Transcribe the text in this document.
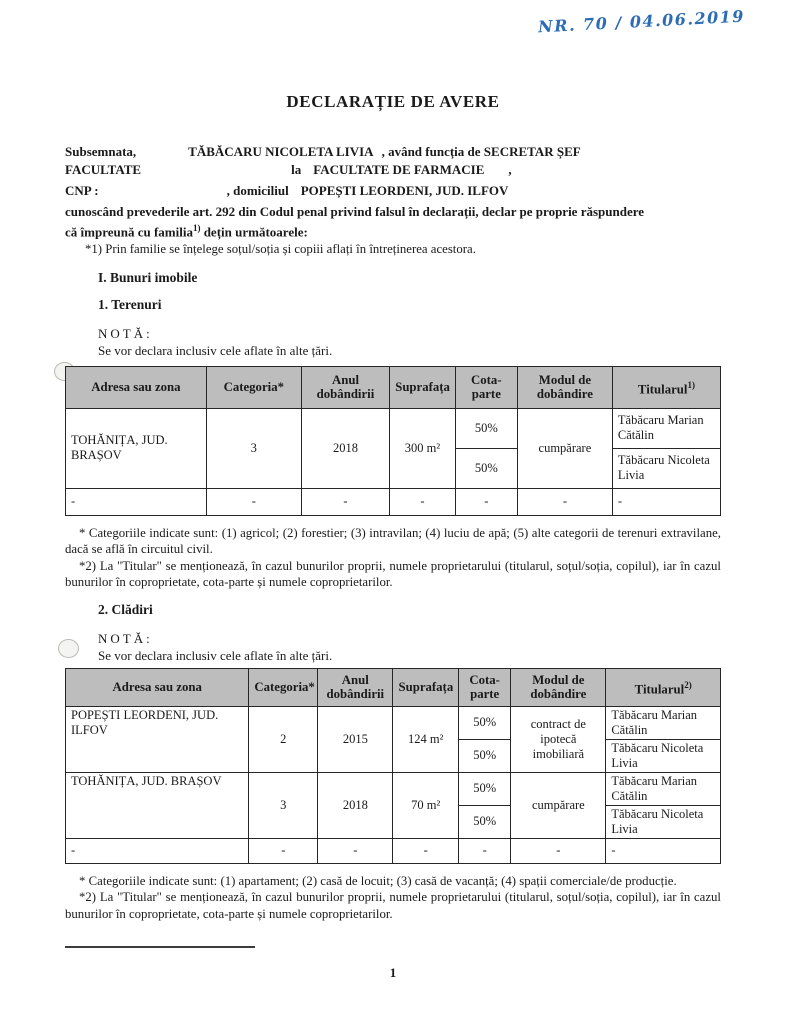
NR. 70 / 04.06.2019
DECLARAȚIE DE AVERE
Subsemnata,	TĂBĂCARU NICOLETA LIVIA , având funcția de SECRETAR ȘEF
FACULTATE	la FACULTATE DE FARMACIE ,
CNP :	, domiciliul POPEȘTI LEORDENI, JUD. ILFOV
cunoscând prevederile art. 292 din Codul penal privind falsul în declarații, declar pe proprie răspundere
că împreună cu familia$^{1)}$ dețin următoarele:
*1) Prin familie se înțelege soțul/soția și copiii aflați în întreținerea acestora.
I. Bunuri imobile
1. Terenuri
NOTĂ:
Se vor declara inclusiv cele aflate în alte țări.
Adresa sau zona	Categoria*	Anul dobândirii	Suprafața	Cota-parte	Modul de dobândire	Titularul$^{1)}$
TOHĂNIȚA, JUD. BRAȘOV	3	2018	300 m²	50%	cumpărare	Tăbăcaru Marian Cătălin
				50%		Tăbăcaru Nicoleta Livia
-	-	-	-	-	-	-

* Categoriile indicate sunt: (1) agricol; (2) forestier; (3) intravilan; (4) luciu de apă; (5) alte categorii de terenuri extravilane, dacă se află în circuitul civil.

*2) La "Titular" se menționează, în cazul bunurilor proprii, numele proprietarului (titularul, soțul/soția, copilul), iar în cazul bunurilor în coproprietate, cota-parte și numele coproprietarilor.

2. Clădiri
NOTĂ:
Se vor declara inclusiv cele aflate în alte țări.
Adresa sau zona	Categoria*	Anul dobândirii	Suprafața	Cota-parte	Modul de dobândire	Titularul$^{2)}$
POPEȘTI LEORDENI, JUD. ILFOV	2	2015	124 m²	50%	contract de ipotecă imobiliară	Tăbăcaru Marian Cătălin
				50%		Tăbăcaru Nicoleta Livia
TOHĂNIȚA, JUD. BRAȘOV	3	2018	70 m²	50%	cumpărare	Tăbăcaru Marian Cătălin
				50%		Tăbăcaru Nicoleta Livia
-	-	-	-	-	-	-

* Categoriile indicate sunt: (1) apartament; (2) casă de locuit; (3) casă de vacanță; (4) spații comerciale/de producție.

*2) La "Titular" se menționează, în cazul bunurilor proprii, numele proprietarului (titularul, soțul/soția, copilul), iar în cazul bunurilor în coproprietate, cota-parte și numele coproprietarilor.

1
